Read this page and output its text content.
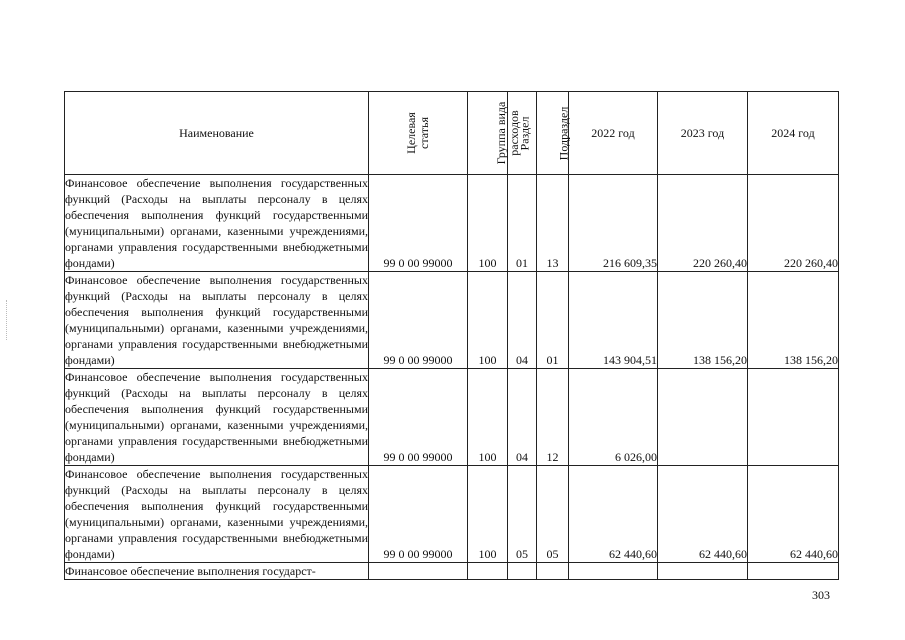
Наименование	Целевая статья	Группа вида расходов	Раздел	Подраздел	2022 год	2023 год	2024 год
Финансовое обеспечение выполнения государственных функций (Расходы на выплаты персоналу в целях обеспечения выполнения функций государственными (муниципальными) органами, казенными учреждениями, органами управления государственными внебюджетными фондами)	99 0 00 99000	100	01	13	216 609,35	220 260,40	220 260,40
Финансовое обеспечение выполнения государственных функций (Расходы на выплаты персоналу в целях обеспечения выполнения функций государственными (муниципальными) органами, казенными учреждениями, органами управления государственными внебюджетными фондами)	99 0 00 99000	100	04	01	143 904,51	138 156,20	138 156,20
Финансовое обеспечение выполнения государственных функций (Расходы на выплаты персоналу в целях обеспечения выполнения функций государственными (муниципальными) органами, казенными учреждениями, органами управления государственными внебюджетными фондами)	99 0 00 99000	100	04	12	6 026,00		
Финансовое обеспечение выполнения государственных функций (Расходы на выплаты персоналу в целях обеспечения выполнения функций государственными (муниципальными) органами, казенными учреждениями, органами управления государственными внебюджетными фондами)	99 0 00 99000	100	05	05	62 440,60	62 440,60	62 440,60
Финансовое обеспечение выполнения государст-							
303
